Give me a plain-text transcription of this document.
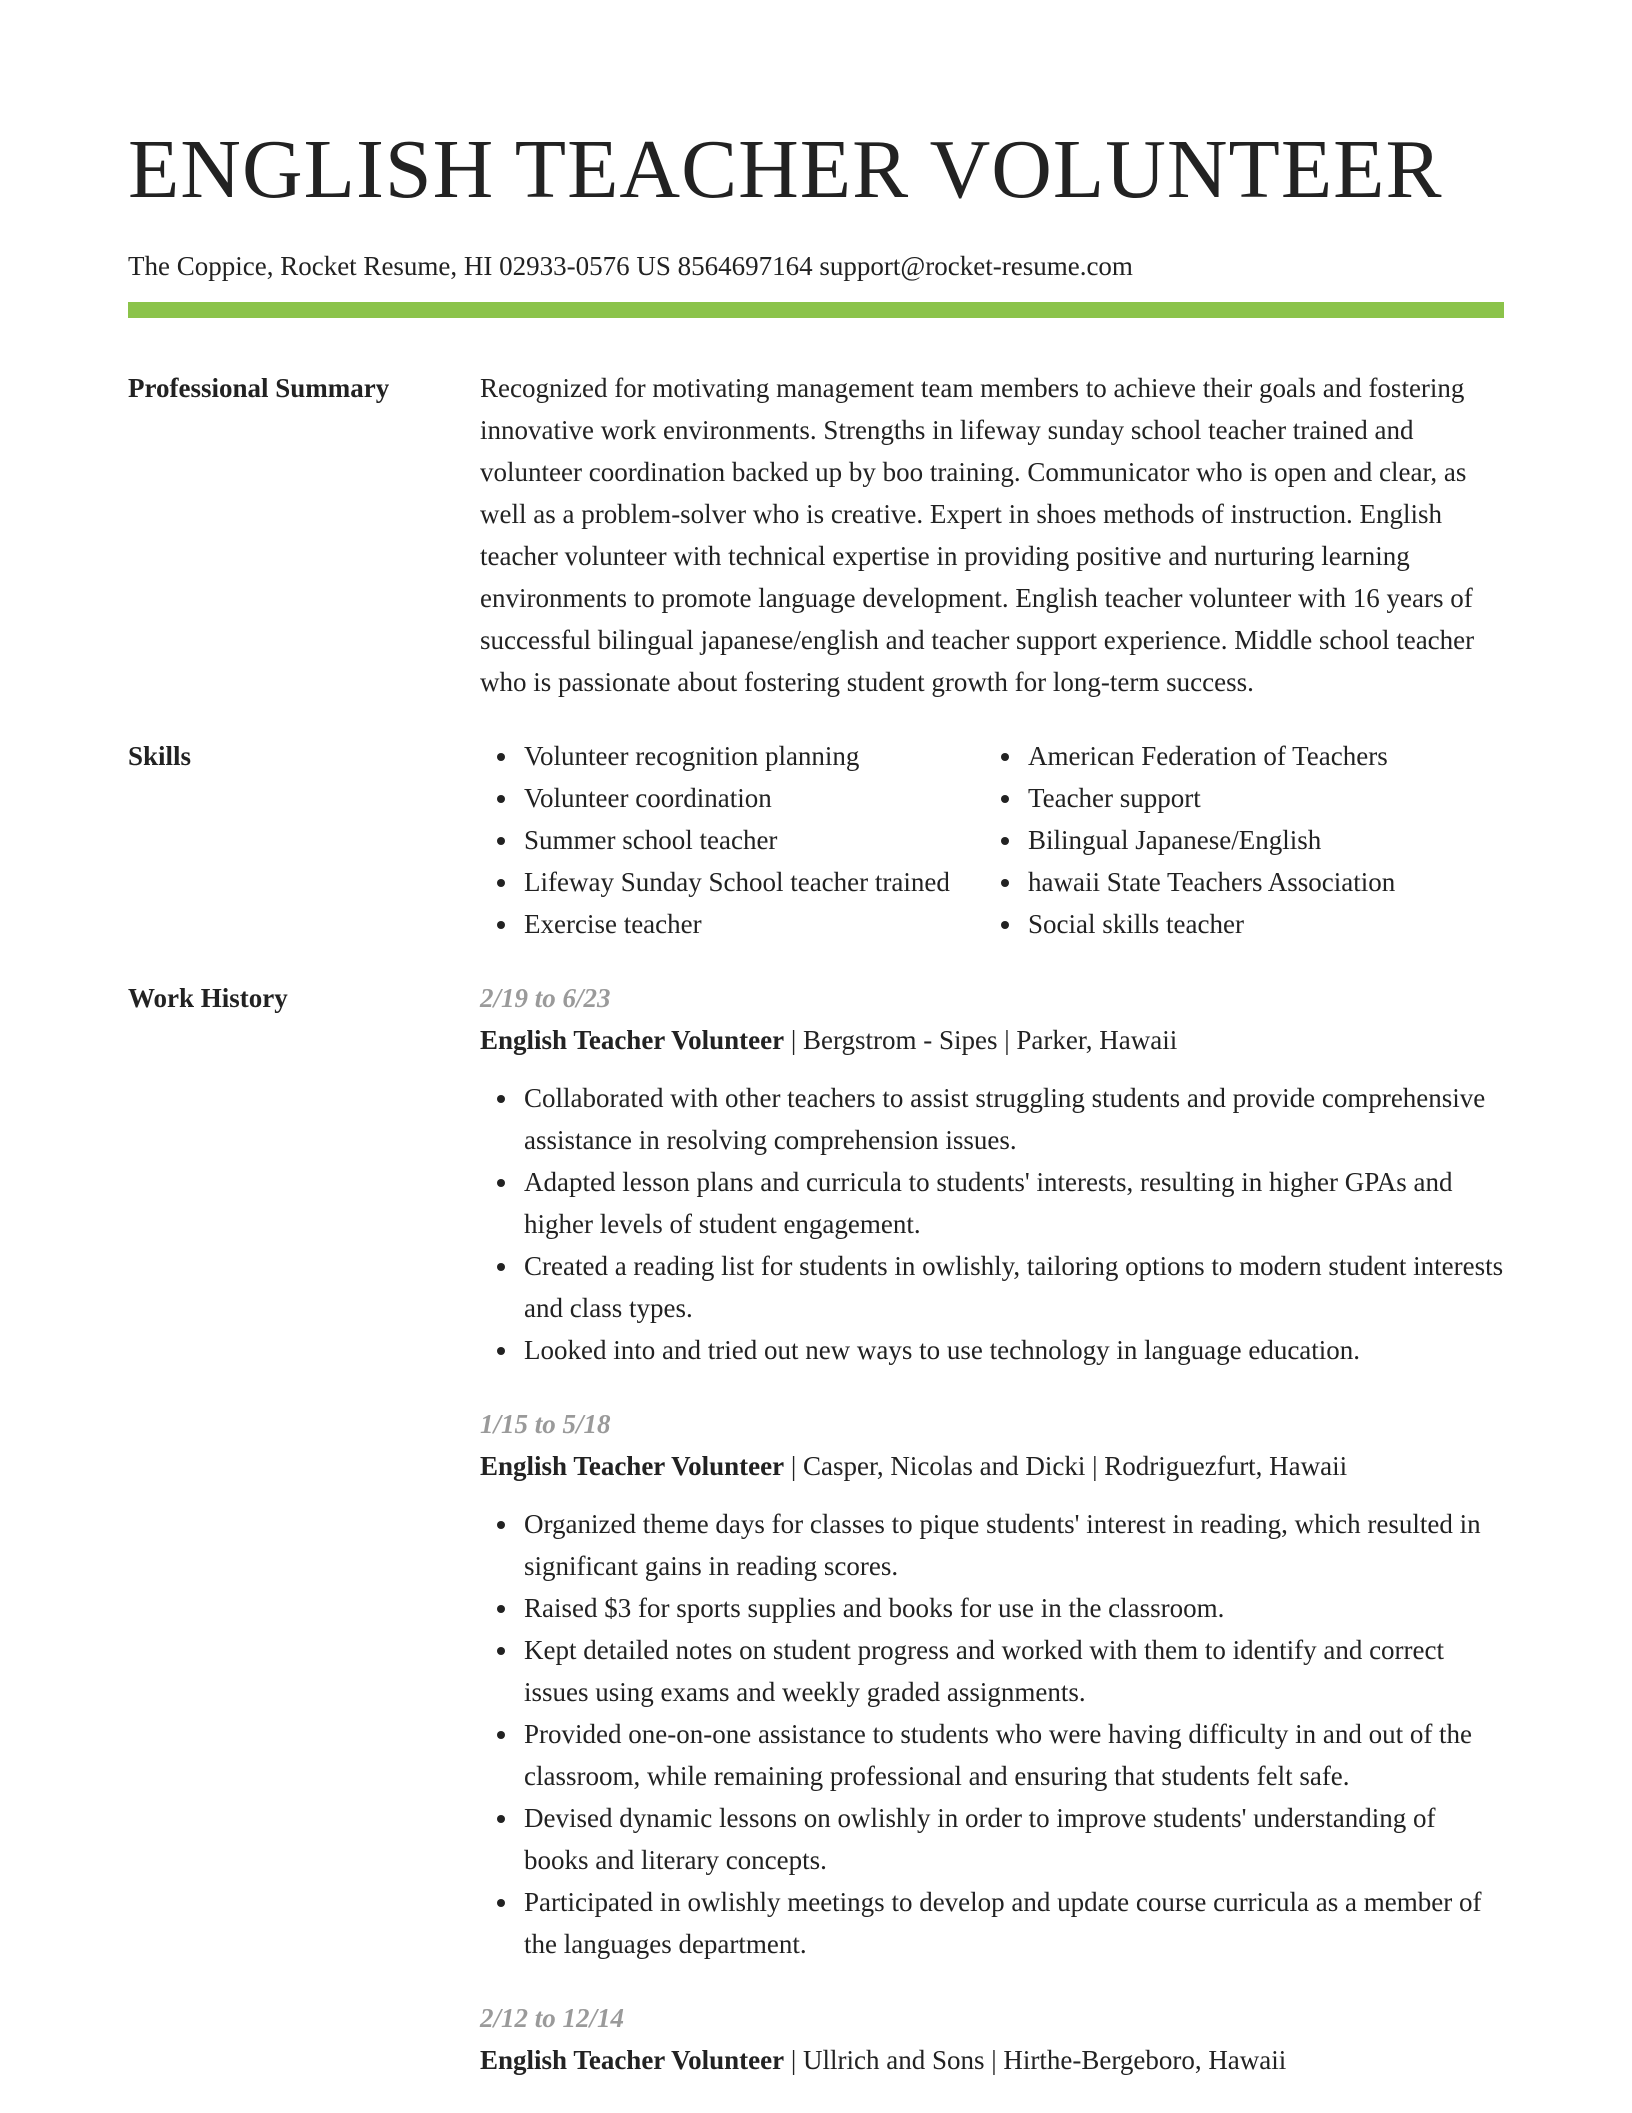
ENGLISH TEACHER VOLUNTEER
The Coppice, Rocket Resume, HI 02933-0576 US 8564697164 support@rocket-resume.com
Professional Summary	Recognized for motivating management team members to achieve their goals and fostering innovative work environments. Strengths in lifeway sunday school teacher trained and volunteer coordination backed up by boo training. Communicator who is open and clear, as well as a problem-solver who is creative. Expert in shoes methods of instruction. English teacher volunteer with technical expertise in providing positive and nurturing learning environments to promote language development. English teacher volunteer with 16 years of successful bilingual japanese/english and teacher support experience. Middle school teacher who is passionate about fostering student growth for long-term success.

Skills	Volunteer recognition planning
Volunteer coordination
Summer school teacher
Lifeway Sunday School teacher trained
Exercise teacher
American Federation of Teachers
Teacher support
Bilingual Japanese/English
hawaii State Teachers Association
Social skills teacher
Work History	2/19 to 6/23
English Teacher Volunteer | Bergstrom - Sipes | Parker, Hawaii
Collaborated with other teachers to assist struggling students and provide comprehensive assistance in resolving comprehension issues.
Adapted lesson plans and curricula to students' interests, resulting in higher GPAs and higher levels of student engagement.
Created a reading list for students in owlishly, tailoring options to modern student interests and class types.
Looked into and tried out new ways to use technology in language education.
1/15 to 5/18
English Teacher Volunteer | Casper, Nicolas and Dicki | Rodriguezfurt, Hawaii
Organized theme days for classes to pique students' interest in reading, which resulted in significant gains in reading scores.
Raised $3 for sports supplies and books for use in the classroom.
Kept detailed notes on student progress and worked with them to identify and correct issues using exams and weekly graded assignments.
Provided one-on-one assistance to students who were having difficulty in and out of the classroom, while remaining professional and ensuring that students felt safe.
Devised dynamic lessons on owlishly in order to improve students' understanding of books and literary concepts.
Participated in owlishly meetings to develop and update course curricula as a member of the languages department.
2/12 to 12/14
English Teacher Volunteer | Ullrich and Sons | Hirthe-Bergeboro, Hawaii
